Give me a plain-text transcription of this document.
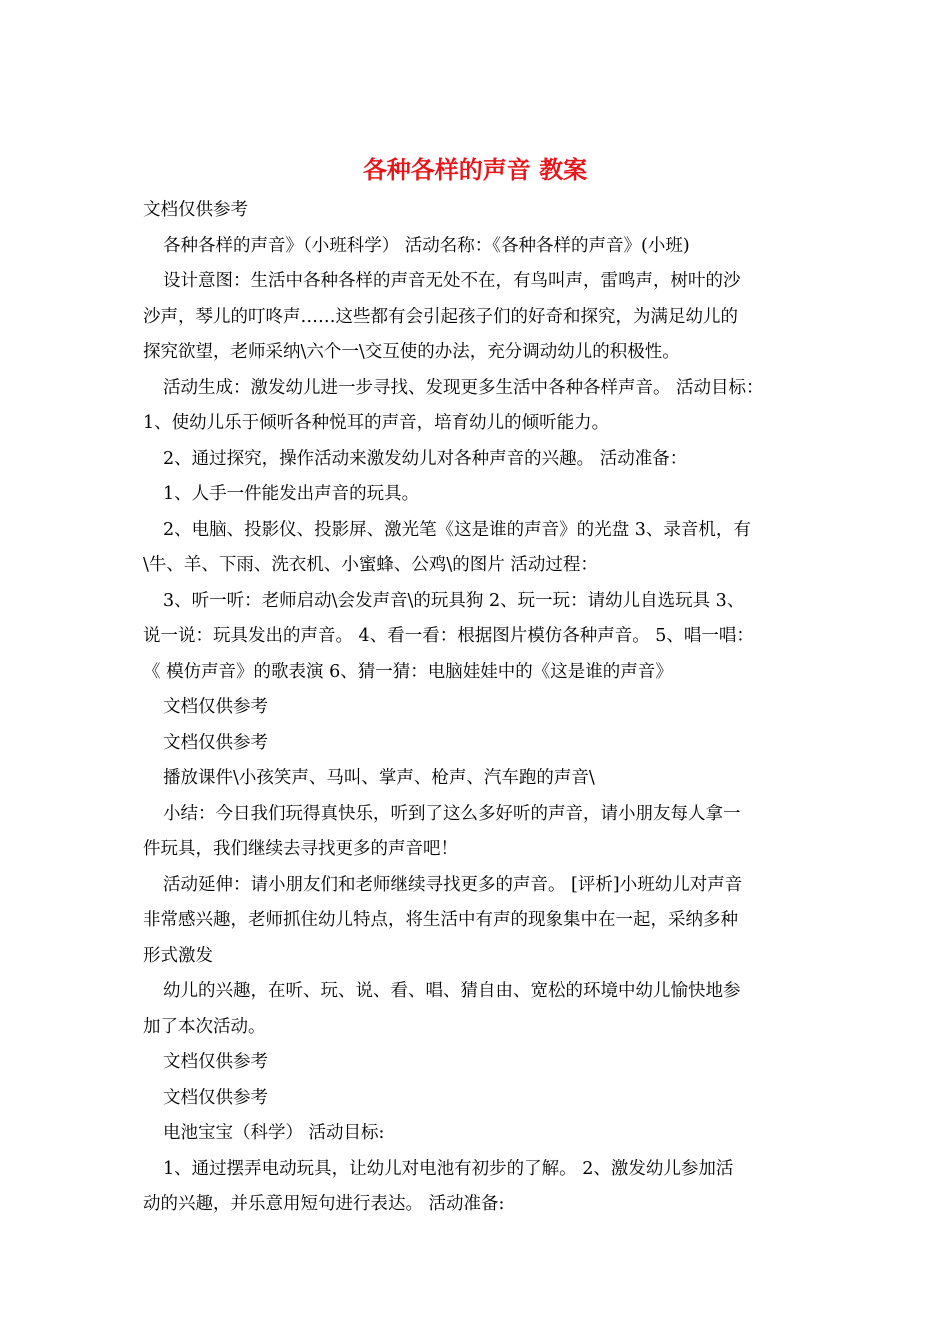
各种各样的声音 教案

文档仅供参考

各种各样的声音》（小班科学） 活动名称：《各种各样的声音》(小班)

设计意图：生活中各种各样的声音无处不在，有鸟叫声，雷鸣声，树叶的沙

沙声，琴儿的叮咚声……这些都有会引起孩子们的好奇和探究，为满足幼儿的

探究欲望，老师采纳\六个一\交互使的办法，充分调动幼儿的积极性。

活动生成：激发幼儿进一步寻找、发现更多生活中各种各样声音。 活动目标：

1、使幼儿乐于倾听各种悦耳的声音，培育幼儿的倾听能力。

2、通过探究，操作活动来激发幼儿对各种声音的兴趣。 活动准备：

1、人手一件能发出声音的玩具。

2、电脑、投影仪、投影屏、激光笔《这是谁的声音》的光盘 3、录音机，有

\牛、羊、下雨、洗衣机、小蜜蜂、公鸡\的图片 活动过程：

3、听一听：老师启动\会发声音\的玩具狗 2、玩一玩：请幼儿自选玩具 3、

说一说：玩具发出的声音。 4、看一看：根据图片模仿各种声音。 5、唱一唱：

《 模仿声音》的歌表演 6、猜一猜：电脑娃娃中的《这是谁的声音》

文档仅供参考

文档仅供参考

播放课件\小孩笑声、马叫、掌声、枪声、汽车跑的声音\

小结：今日我们玩得真快乐，听到了这么多好听的声音，请小朋友每人拿一

件玩具，我们继续去寻找更多的声音吧！

活动延伸：请小朋友们和老师继续寻找更多的声音。 [评析]小班幼儿对声音

非常感兴趣，老师抓住幼儿特点，将生活中有声的现象集中在一起，采纳多种

形式激发

幼儿的兴趣，在听、玩、说、看、唱、猜自由、宽松的环境中幼儿愉快地参

加了本次活动。

文档仅供参考

文档仅供参考

电池宝宝（科学） 活动目标:

1、通过摆弄电动玩具，让幼儿对电池有初步的了解。 2、激发幼儿参加活

动的兴趣，并乐意用短句进行表达。 活动准备:
